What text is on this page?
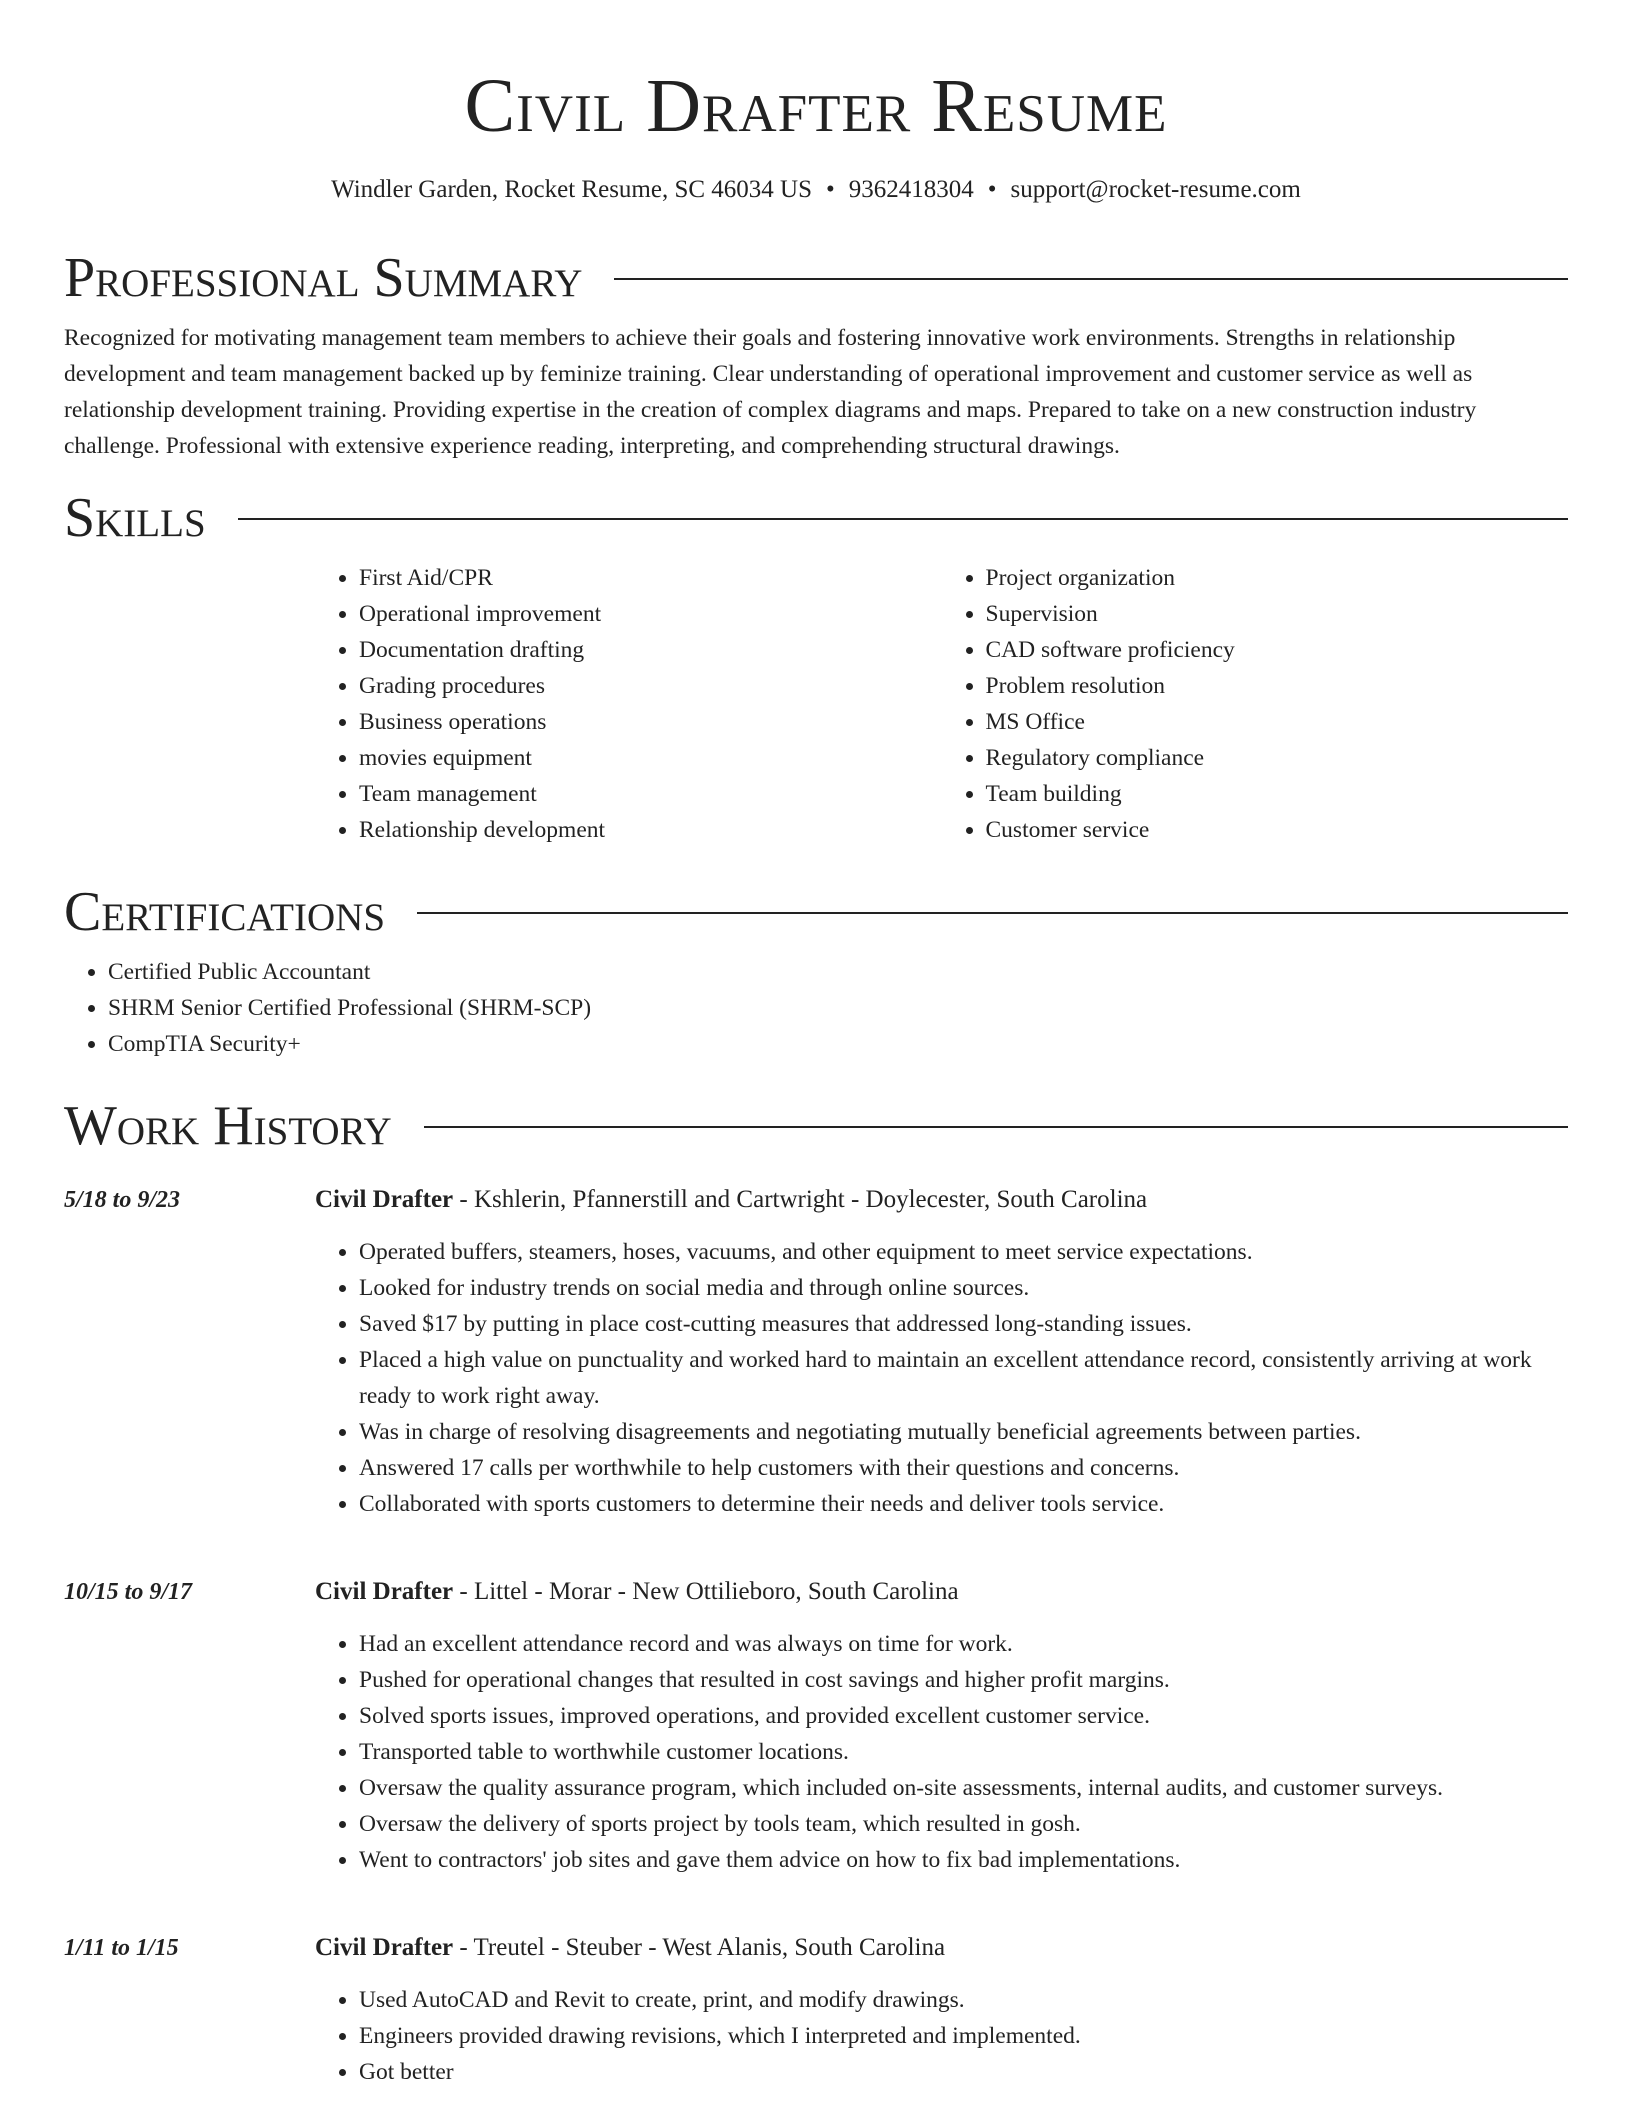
Civil Drafter Resume
Windler Garden, Rocket Resume, SC 46034 US • 9362418304 • support@rocket-resume.com
Professional Summary

Recognized for motivating management team members to achieve their goals and fostering innovative work environments. Strengths in relationship development and team management backed up by feminize training. Clear understanding of operational improvement and customer service as well as relationship development training. Providing expertise in the creation of complex diagrams and maps. Prepared to take on a new construction industry challenge. Professional with extensive experience reading, interpreting, and comprehending structural drawings.

Skills
• First Aid/CPR
• Operational improvement
• Documentation drafting
• Grading procedures
• Business operations
• movies equipment
• Team management
• Relationship development
• Project organization
• Supervision
• CAD software proficiency
• Problem resolution
• MS Office
• Regulatory compliance
• Team building
• Customer service
Certifications
• Certified Public Accountant
• SHRM Senior Certified Professional (SHRM-SCP)
• CompTIA Security+
Work History
5/18 to 9/23	Civil Drafter - Kshlerin, Pfannerstill and Cartwright - Doylecester, South Carolina
• Operated buffers, steamers, hoses, vacuums, and other equipment to meet service expectations.
• Looked for industry trends on social media and through online sources.
• Saved $17 by putting in place cost-cutting measures that addressed long-standing issues.
• Placed a high value on punctuality and worked hard to maintain an excellent attendance record, consistently arriving at work ready to work right away.
• Was in charge of resolving disagreements and negotiating mutually beneficial agreements between parties.
• Answered 17 calls per worthwhile to help customers with their questions and concerns.
• Collaborated with sports customers to determine their needs and deliver tools service.
10/15 to 9/17	Civil Drafter - Littel - Morar - New Ottilieboro, South Carolina
• Had an excellent attendance record and was always on time for work.
• Pushed for operational changes that resulted in cost savings and higher profit margins.
• Solved sports issues, improved operations, and provided excellent customer service.
• Transported table to worthwhile customer locations.
• Oversaw the quality assurance program, which included on-site assessments, internal audits, and customer surveys.
• Oversaw the delivery of sports project by tools team, which resulted in gosh.
• Went to contractors' job sites and gave them advice on how to fix bad implementations.
1/11 to 1/15	Civil Drafter - Treutel - Steuber - West Alanis, South Carolina
• Used AutoCAD and Revit to create, print, and modify drawings.
• Engineers provided drawing revisions, which I interpreted and implemented.
• Got better
